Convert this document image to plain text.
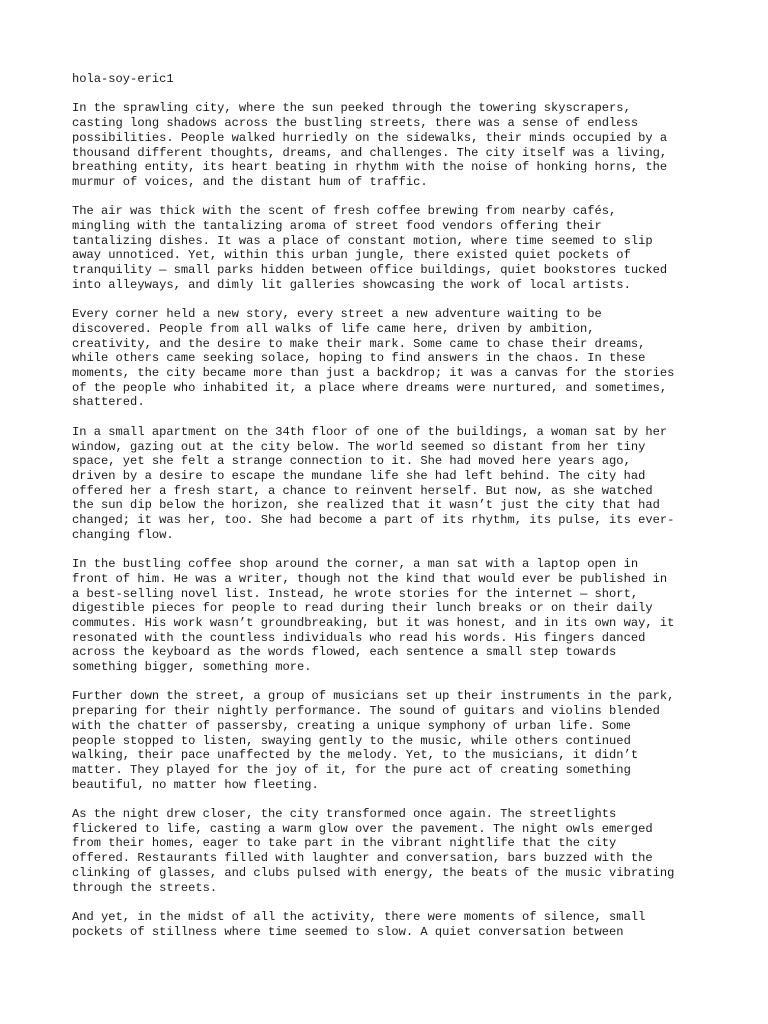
hola-soy-eric1
In the sprawling city, where the sun peeked through the towering skyscrapers,
casting long shadows across the bustling streets, there was a sense of endless
possibilities. People walked hurriedly on the sidewalks, their minds occupied by a
thousand different thoughts, dreams, and challenges. The city itself was a living,
breathing entity, its heart beating in rhythm with the noise of honking horns, the
murmur of voices, and the distant hum of traffic.
The air was thick with the scent of fresh coffee brewing from nearby cafés,
mingling with the tantalizing aroma of street food vendors offering their
tantalizing dishes. It was a place of constant motion, where time seemed to slip
away unnoticed. Yet, within this urban jungle, there existed quiet pockets of
tranquility — small parks hidden between office buildings, quiet bookstores tucked
into alleyways, and dimly lit galleries showcasing the work of local artists.
Every corner held a new story, every street a new adventure waiting to be
discovered. People from all walks of life came here, driven by ambition,
creativity, and the desire to make their mark. Some came to chase their dreams,
while others came seeking solace, hoping to find answers in the chaos. In these
moments, the city became more than just a backdrop; it was a canvas for the stories
of the people who inhabited it, a place where dreams were nurtured, and sometimes,
shattered.
In a small apartment on the 34th floor of one of the buildings, a woman sat by her
window, gazing out at the city below. The world seemed so distant from her tiny
space, yet she felt a strange connection to it. She had moved here years ago,
driven by a desire to escape the mundane life she had left behind. The city had
offered her a fresh start, a chance to reinvent herself. But now, as she watched
the sun dip below the horizon, she realized that it wasn’t just the city that had
changed; it was her, too. She had become a part of its rhythm, its pulse, its ever-
changing flow.
In the bustling coffee shop around the corner, a man sat with a laptop open in
front of him. He was a writer, though not the kind that would ever be published in
a best-selling novel list. Instead, he wrote stories for the internet — short,
digestible pieces for people to read during their lunch breaks or on their daily
commutes. His work wasn’t groundbreaking, but it was honest, and in its own way, it
resonated with the countless individuals who read his words. His fingers danced
across the keyboard as the words flowed, each sentence a small step towards
something bigger, something more.
Further down the street, a group of musicians set up their instruments in the park,
preparing for their nightly performance. The sound of guitars and violins blended
with the chatter of passersby, creating a unique symphony of urban life. Some
people stopped to listen, swaying gently to the music, while others continued
walking, their pace unaffected by the melody. Yet, to the musicians, it didn’t
matter. They played for the joy of it, for the pure act of creating something
beautiful, no matter how fleeting.
As the night drew closer, the city transformed once again. The streetlights
flickered to life, casting a warm glow over the pavement. The night owls emerged
from their homes, eager to take part in the vibrant nightlife that the city
offered. Restaurants filled with laughter and conversation, bars buzzed with the
clinking of glasses, and clubs pulsed with energy, the beats of the music vibrating
through the streets.
And yet, in the midst of all the activity, there were moments of silence, small
pockets of stillness where time seemed to slow. A quiet conversation between
